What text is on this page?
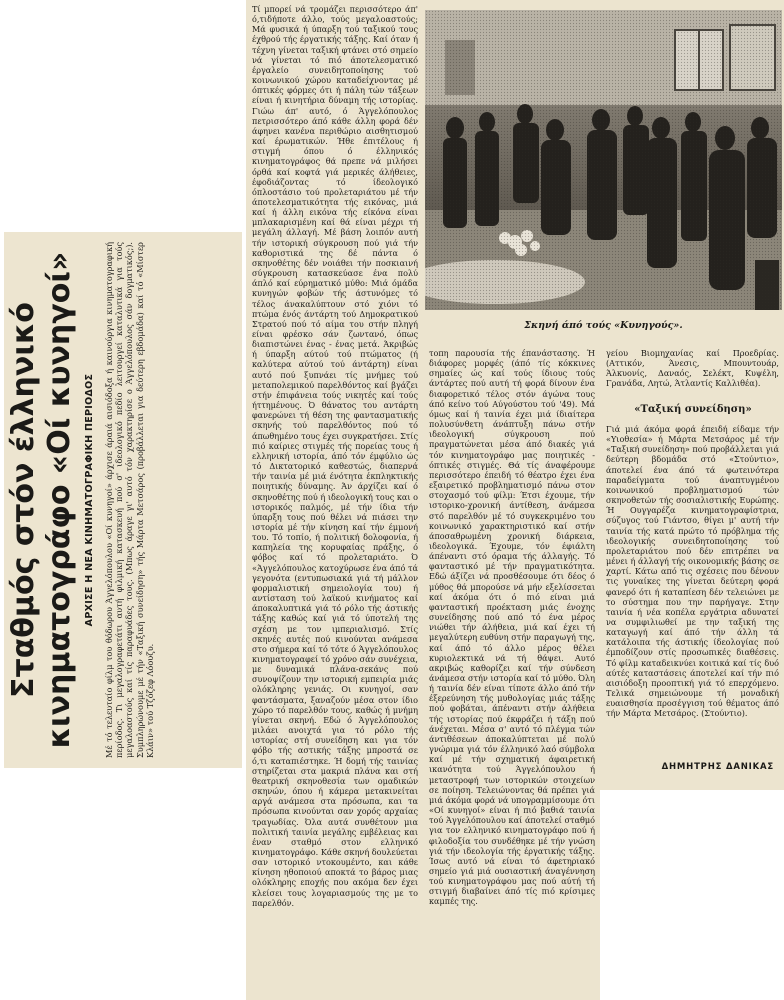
Σταθμός στόν έλληνικό κινηματογράφο «Οί κυνηγοί» ΑΡΧΙΣΕ Η ΝΕΑ ΚΙΝΗΜΑΤΟΓΡΑΦΙΚΗ ΠΕΡΙΟΔΟΣ Μέ τό τελευταίο φίλμ του θόδωρου Άγγελόπουλου «Οί κυνηγοί» άρχισε άραιά αισιόδοξα ή καινούργια κινηματογραφική περίοδος. Τι μεγαλογραφετάτι αυτή φιλμική κατασκευή πού σ' ιδεολογικό πεδίο λειτουργεί καταλυτικά για τούς μεγαλοαστούς καί τίς παραφυάδες τους. (Μπως άραγε γι' αυτό τόν χαρακτηρίσε ο Άγγελόπουλος σάν δογματικός;). Συμπληρώνουμε μέ τήν «Ταξική συνείδηση» τής Μάρτα Μετσάρος (προβάλλεται για δεύτερη εβδομάδα) καί τό «Μίστερ Κλάιν» τού Τζόζεφ Λόουζυ.
Τί μπορεί νά τρομάζει περισσότερο άπ' ό,τιδήποτε άλλο, τούς μεγαλοαστούς; Μά φυσικά ή ύπαρξη τού ταξικού τους έχθρού τής έργατικής τάξης. Καί όταν ή τέχνη γίνεται ταξική φτάνει στό σημείο νά γίνεται τό πιό άποτελεσματικό έργαλείο συνειδητοποίησης τού κοινωνικού χώρου καταδείχνοντας μέ όπτικές φόρμες ότι ή πάλη τών τάξεων είναι ή κινητήρια δύναμη τής ιστορίας. Γιώω άπ' αυτό, ό Άγγελόπουλος πετρισσότερο άπό κάθε άλλη φορά δέν άφηνει κανένα περιθώριο αισθητισμού καί έρωματικών. Ήθε έπιτέλους ή στιγμή όπου ό έλληνικός κινηματογράφος θά πρεπε νά μιλήσει όρθά καί κοφτά γιά μερικές άλήθειες, έφοδιάζοντας τό ίδεολογικό όπλοστάσιο τού προλεταριάτου μέ τήν άποτελεσματικότητα τής εικόνας, μιά καί ή άλλη εικόνα τής είκόνα είναι μπλακαρισμένη καί θά είναι μέχρι τή μεγάλη άλλαγή. Μέ βάση λοιπόν αυτή τήν ιστορική σύγκρουση πού γιά τήν καθοριστικά της δέ πάντα ό σκηνοθέτης δέν νοιάθει τήν ποσκιαινή σύγκρουση κατασκεύασε ένα πολύ άπλό καί εύρηματικό μύθο: Μιά όμάδα κυνηγών φοβών τής άστυνόμες τό τέλος άνακαλύπτουν στό χιόνι τό πτώμα ένός άντάρτη τού Δημοκρατικού Στρατού πού τό αίμα του στήν πληγή είναι φρέσκο σάν ζωντανό, όπως διαπιστώνει ένας - ένας μετά. Άκριβώς ή ύπαρξη αύτού τού πτώματος (ή καλύτερα αύτού τού άντάρτη) είναι αυτό πού ξυπνάει τίς μνήμες τού μεταπολεμικού παρελθόντος καί βγάζει στήν έπιφάνεια τούς νικητές καί τούς ήττημένους. Ό θάνατος του αντάρτη φανερώνει τή θέση της φαντασματικής σκηνής τού παρελθόντος πού τό άπωθημένο τους έχει συγκρατήσει. Στίς πιό καίριες στιγμές τής πορείας τους ή ελληνική ιστορία, άπό τόν έμφύλιο ώς τό Δικτατορικό καθεστώς, διαπερνά τήν ταινία μέ μιά ένότητα έκπληκτικής ποιητικής δύναμης. Άν άρχίζει καί ό σκηνοθέτης πού ή ιδεολογική τους και ο ιστορικός παλμός, μέ τήν ίδια τήν ύπαρξη τους πού θέλει νά πιάσει την ιστορία μέ τήν κίνηση καί τήν έμμονή του. Τό τοπίο, ή πολιτική δολοφονία, ή καπηλεία της κορυφαίας πράξης, ό φόβος καί τό προλεταριάτο. Ό «Άγγελόπουλος κατοχύρωσε ένα άπό τά γεγονότα (εντυπωσιακά γιά τή μάλλον φορμαλιστική σημειολογία του) ή αντίσταση τού λαϊκού κινήματος καί άποκαλυπτικά γιά τό ρόλο τής άστικής τάξης καθώς καί γιά τό ύποτελή της σχέση με τον ιμπεριαλισμό. Στίς σκηνές αυτές πού κινούνται ανάμεσα στο σήμερα καί τό τότε ό Άγγελόπουλος κινηματογραφεί τό χρόνο σάν συνέχεια, με δυναμικά πλάνα-σεκάνς πού συνοψίζουν την ιστορική εμπειρία μιάς ολόκληρης γενιάς. Οι κυνηγοί, σαν φαντάσματα, ξαναζούν μέσα στον ίδιο χώρο τό παρελθόν τους, καθώς ή μνήμη γίνεται σκηνή. Εδώ ό Άγγελόπουλος μιλάει ανοιχτά για τό ρόλο τής ιστορίας στή συνείδηση και για τόν φόβο τής αστικής τάξης μπροστά σε ό,τι καταπιέστηκε. Ή δομή τής ταινίας στηρίζεται στα μακριά πλάνα και στή θεατρική σκηνοθεσία των ομαδικών σκηνών, όπου ή κάμερα μετακινείται αργά ανάμεσα στα πρόσωπα, και τα πρόσωπα κινούνται σαν χορός αρχαίας τραγωδίας. Όλα αυτά συνθέτουν μια πολιτική ταινία μεγάλης εμβέλειας και έναν σταθμό στον ελληνικό κινηματογράφο. Κάθε σκηνή δουλεύεται σαν ιστορικό ντοκουμέντο, και κάθε κίνηση ηθοποιού αποκτά το βάρος μιας ολόκληρης εποχής που ακόμα δεν έχει κλείσει τους λογαριασμούς της με το παρελθόν.
Σκηνή άπό τούς «Κυνηγούς».
τοπη παρουσία τής έπανάστασης. Ή διάφορες μορφές (άπό τίς κόκκινες σημαίες ώς καί τούς ίδιους τούς άντάρτες πού αυτή τή φορά δίνουν ένα διαφορετικό τέλος στόν άγώνα τους άπό κείνο τού Αύγούστου τού '49). Μά όμως καί ή ταινία έχει μιά ίδιαίτερα πολυσύνθετη άνάπτυξη πάνω στήν ιδεολογική σύγκρουση πού πραγματώνεται μέσα άπό διακές γιά τόν κινηματογράφο μας ποιητικές - όπτικές στιγμές. Θά τίς άναφέρουμε περισσότερο έπειδή τό θέατρο έχει ένα εξαιρετικό προβληματισμό πάνω στον στοχασμό τού φίλμ: Έτσι έχουμε, τήν ιστορικο-χρονική άντίθεση, άνάμεσα στό παρελθόν μέ τό συγκεκριμένο του κοινωνικό χαρακτηριστικό καί στήν άποσαθρωμένη χρονική διάρκεια, ιδεολογικά. Έχουμε, τόν έφιάλτη άπέναντι στό όραμα τής άλλαγής. Τό φανταστικό μέ τήν πραγματικότητα. Εδώ άξίζει νά προσθέσουμε ότι δέος ό μύθος θά μπορούσε νά μήν εξελίσσεται καί άκόμα ότι ό πιό είναι μιά φανταστική προέκταση μιάς ένοχης συνείδησης πού από τό ένα μέρος νιώθει τήν άλήθεια, μιά καί έχει τή μεγαλύτερη ευθύνη στήν παραγωγή της, καί άπό τό άλλο μέρος θέλει κυριολεκτικά νά τή θάψει. Αυτό ακριβώς καθορίζει καί τήν σύνδεση άνάμεσα στήν ιστορία καί τό μύθο. Όλη ή ταινία δέν είναι τίποτε άλλο άπό τήν έξερεύνηση τής μυθολογίας μιάς τάξης πού φοβάται, άπέναντι στήν άλήθεια τής ιστορίας πού έκφράζει ή τάξη πού άνέχεται. Μέσα σ' αυτό τό πλέγμα τών άντιθέσεων άποκαλύπτεται μέ πολύ γνώριμα γιά τόν έλληνικό λαό σύμβολα καί μέ τήν σχηματική άφαιρετική ικανότητα τού Άγγελόπουλου ή μεταστροφή των ιστορικών στοιχείων σε ποίηση. Τελειώνοντας θά πρέπει γιά μιά άκόμα φορά νά υπογραμμίσουμε ότι «Οί κυνηγοί» είναι ή πιό βαθιά ταινία τού Άγγελόπουλου καί άποτελεί σταθμό για τον ελληνικό κινηματογράφο πού ή φιλοδοξία του συνδέθηκε μέ τήν γνώση γιά τήν ιδεολογία τής έργατικής τάξης. Ίσως αυτό νά είναι τό άφετηριακό σημείο γιά μιά ουσιαστική άναγέννηση τού κινηματογράφου μας πού αύτή τή στιγμή διαβαίνει άπό τίς πιό κρίσιμες καμπές της.
γείου Βιομηχανίας καί Προεδρίας. (Αττικόν, Άνεσις, Μπουντουάρ, Άλκυονίς, Δαναός, Σελέκτ, Κυψέλη, Γρανάδα, Λητώ, Άτλαντίς Καλλιθέα).
«Ταξική συνείδηση»
Γιά μιά άκόμα φορά έπειδή είδαμε τήν «Υιοθεσία» ή Μάρτα Μετσάρος μέ τήν «Ταξική συνείδηση» πού προβάλλεται γιά δεύτερη βδομάδα στό «Στούντιο», άποτελεί ένα άπό τά φωτεινότερα παραδείγματα τού άναπτυγμένου κοινωνικού προβληματισμού τών σκηνοθετών τής σοσιαλιστικής Ευρώπης. Ή Ουγγαρέζα κινηματογραφίστρια, σύζυγος τού Γιάντσο, θίγει μ' αυτή τήν ταινία τής κατά πρώτο τό πρόβλημα τής ιδεολογικής συνειδητοποίησης τού προλεταριάτου πού δέν επιτρέπει να μένει ή άλλαγή τής οικονομικής βάσης σε χαρτί. Κάτω από τις σχέσεις που δένουν τις γυναίκες της γίνεται δεύτερη φορά φανερό ότι ή καταπίεση δέν τελειώνει με το σύστημα που την παρήγαγε. Στην ταινία ή νέα κοπέλα εργάτρια αδυνατεί να συμφιλιωθεί με την ταξική της καταγωγή καί άπό τήν άλλη τά κατάλοιπα τής άστικής ίδεολογίας πού έμποδίζουν στίς προσωπικές διαθέσεις. Τό φίλμ καταδεικνύει κοιτικά καί τίς δυό αύτές καταστάσεις άποτελεί καί τήν πιό αισιόδοξη προοπτική γιά τό επερχόμενο. Τελικά σημειώνουμε τή μοναδική ευαισθησία προσέγγιση τού θέματος άπό τήν Μάρτα Μετσάρος. (Στούντιο).
ΔΗΜΗΤΡΗΣ ΔΑΝΙΚΑΣ
